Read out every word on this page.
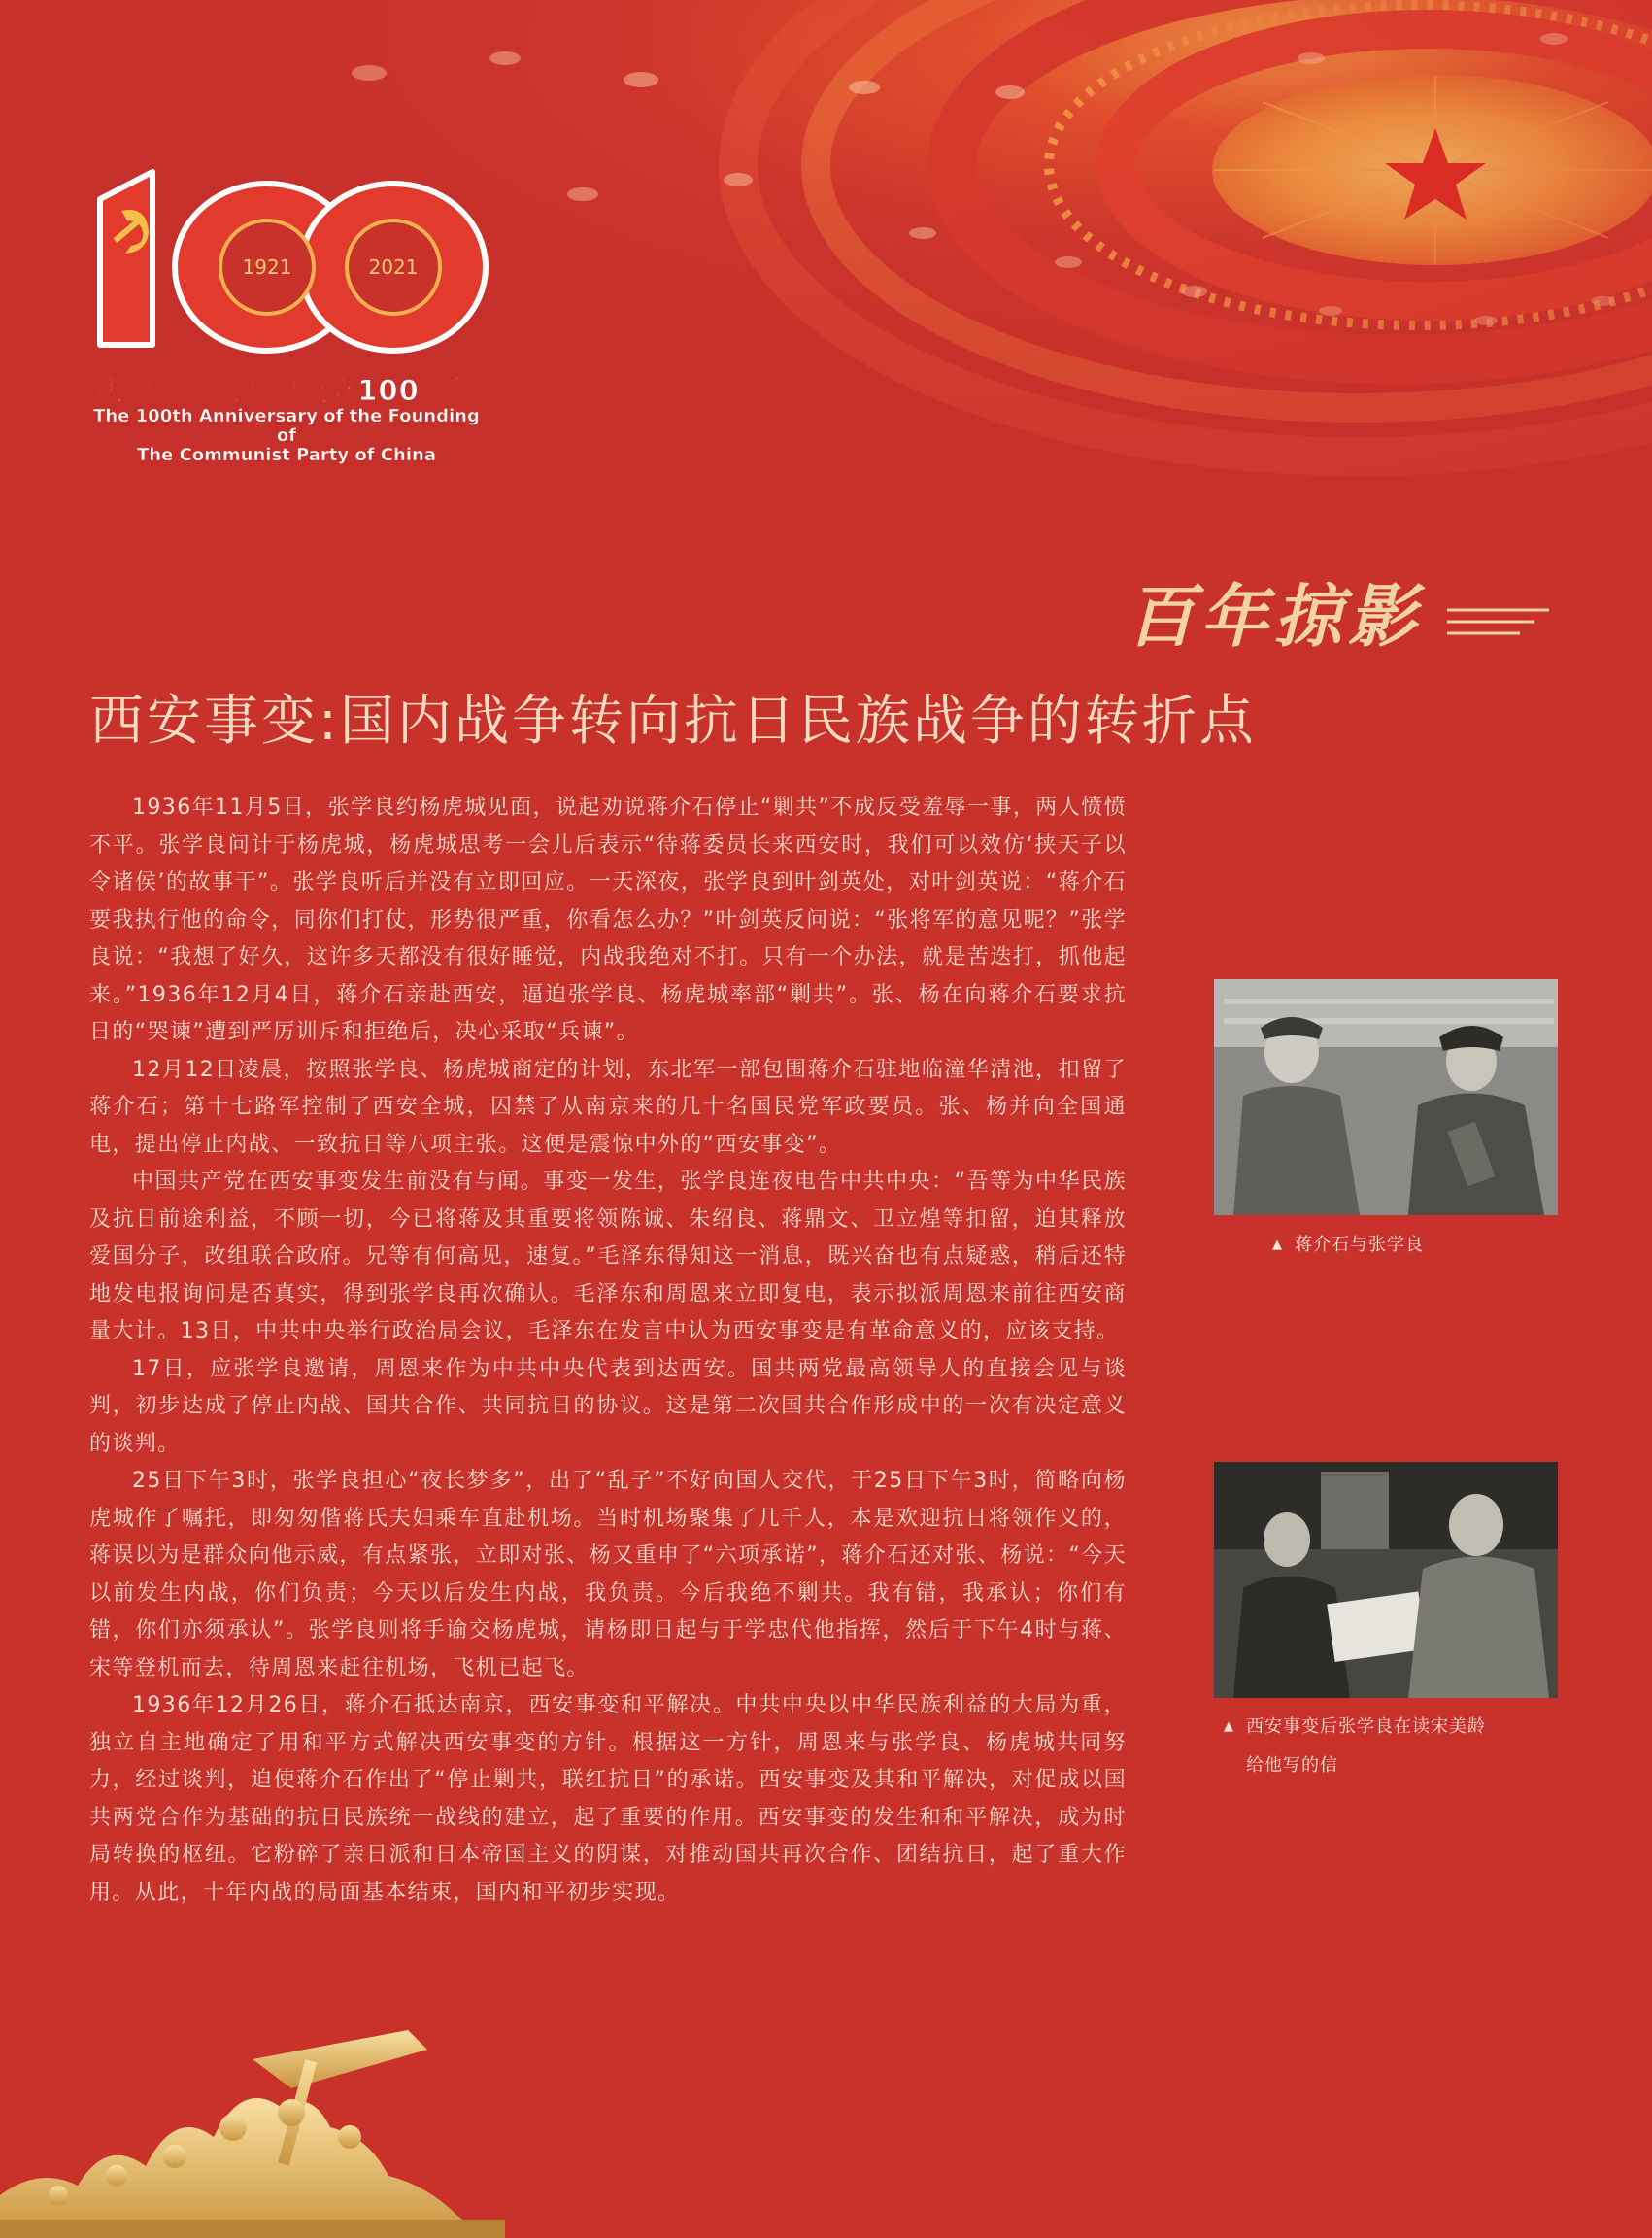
1921	2021
庆祝中国共产党成立100周年
The 100th Anniversary of the Founding of
The Communist Party of China
百年掠影
西安事变:国内战争转向抗日民族战争的转折点

1936年11月5日，张学良约杨虎城见面，说起劝说蒋介石停止“剿共”不成反受羞辱一事，两人愤愤不平。张学良问计于杨虎城，杨虎城思考一会儿后表示“待蒋委员长来西安时，我们可以效仿‘挟天子以令诸侯’的故事干”。张学良听后并没有立即回应。一天深夜，张学良到叶剑英处，对叶剑英说：“蒋介石要我执行他的命令，同你们打仗，形势很严重，你看怎么办？”叶剑英反问说：“张将军的意见呢？”张学良说：“我想了好久，这许多天都没有很好睡觉，内战我绝对不打。只有一个办法，就是苦迭打，抓他起来。”1936年12月4日，蒋介石亲赴西安，逼迫张学良、杨虎城率部“剿共”。张、杨在向蒋介石要求抗日的“哭谏”遭到严厉训斥和拒绝后，决心采取“兵谏”。

12月12日凌晨，按照张学良、杨虎城商定的计划，东北军一部包围蒋介石驻地临潼华清池，扣留了蒋介石；第十七路军控制了西安全城，囚禁了从南京来的几十名国民党军政要员。张、杨并向全国通电，提出停止内战、一致抗日等八项主张。这便是震惊中外的“西安事变”。

中国共产党在西安事变发生前没有与闻。事变一发生，张学良连夜电告中共中央：“吾等为中华民族及抗日前途利益，不顾一切，今已将蒋及其重要将领陈诚、朱绍良、蒋鼎文、卫立煌等扣留，迫其释放爱国分子，改组联合政府。兄等有何高见，速复。”毛泽东得知这一消息，既兴奋也有点疑惑，稍后还特地发电报询问是否真实，得到张学良再次确认。毛泽东和周恩来立即复电，表示拟派周恩来前往西安商量大计。13日，中共中央举行政治局会议，毛泽东在发言中认为西安事变是有革命意义的，应该支持。

17日，应张学良邀请，周恩来作为中共中央代表到达西安。国共两党最高领导人的直接会见与谈判，初步达成了停止内战、国共合作、共同抗日的协议。这是第二次国共合作形成中的一次有决定意义的谈判。

25日下午3时，张学良担心“夜长梦多”，出了“乱子”不好向国人交代，于25日下午3时，简略向杨虎城作了嘱托，即匆匆偕蒋氏夫妇乘车直赴机场。当时机场聚集了几千人，本是欢迎抗日将领作义的，蒋误以为是群众向他示威，有点紧张，立即对张、杨又重申了“六项承诺”，蒋介石还对张、杨说：“今天以前发生内战，你们负责；今天以后发生内战，我负责。今后我绝不剿共。我有错，我承认；你们有错，你们亦须承认”。张学良则将手谕交杨虎城，请杨即日起与于学忠代他指挥，然后于下午4时与蒋、宋等登机而去，待周恩来赶往机场，飞机已起飞。

1936年12月26日，蒋介石抵达南京，西安事变和平解决。中共中央以中华民族利益的大局为重，独立自主地确定了用和平方式解决西安事变的方针。根据这一方针，周恩来与张学良、杨虎城共同努力，经过谈判，迫使蒋介石作出了“停止剿共，联红抗日”的承诺。西安事变及其和平解决，对促成以国共两党合作为基础的抗日民族统一战线的建立，起了重要的作用。西安事变的发生和和平解决，成为时局转换的枢纽。它粉碎了亲日派和日本帝国主义的阴谋，对推动国共再次合作、团结抗日，起了重大作用。从此，十年内战的局面基本结束，国内和平初步实现。

▲ 蒋介石与张学良
▲ 西安事变后张学良在读宋美龄
给他写的信
